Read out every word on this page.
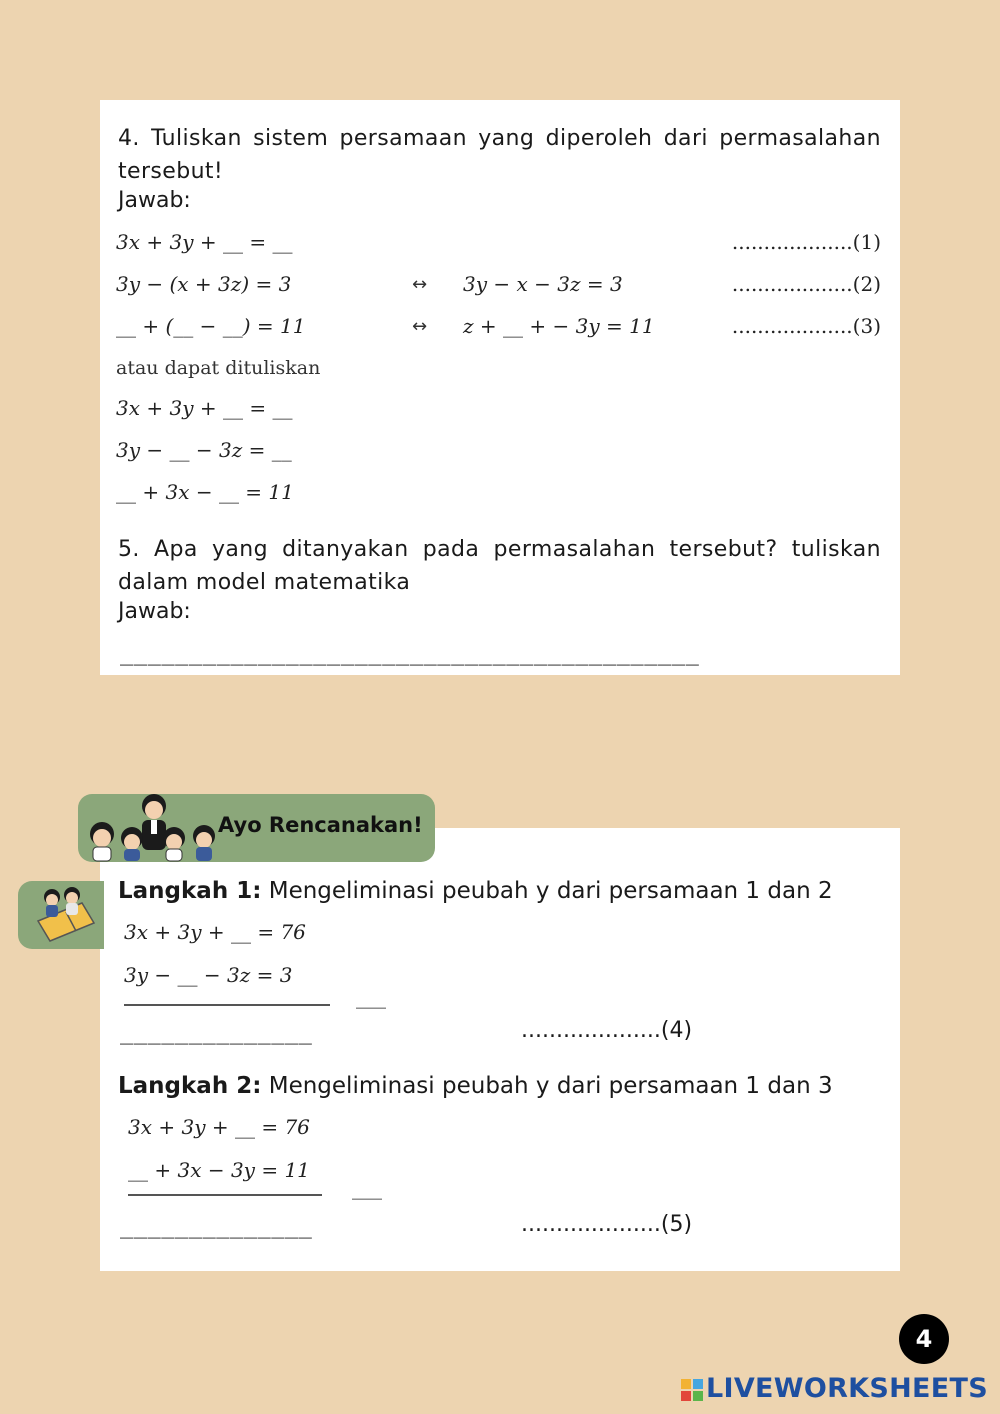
4. Tuliskan sistem persamaan yang diperoleh dari permasalahan tersebut!

Jawab:
3x + 3y + __ = __	...................(1)
3y − (x + 3z) = 3	↔ 3y − x − 3z = 3	...................(2)
__ + (__ − __) = 11	↔ z + __ + − 3y = 11	...................(3)
atau dapat dituliskan
3x + 3y + __ = __
3y − __ − 3z = __
__ + 3x − __ = 11

5. Apa yang ditanyakan pada permasalahan tersebut? tuliskan dalam model matematika

Jawab:
__________________________________________
Langkah 1: Mengeliminasi peubah y dari persamaan 1 dan 2
3x + 3y + __ = 76
3y − __ − 3z = 3
___
______________	....................(4)
Langkah 2: Mengeliminasi peubah y dari persamaan 1 dan 3
3x + 3y + __ = 76
__ + 3x − 3y = 11
___
______________	....................(5)
Ayo Rencanakan!
4
LIVEWORKSHEETS
